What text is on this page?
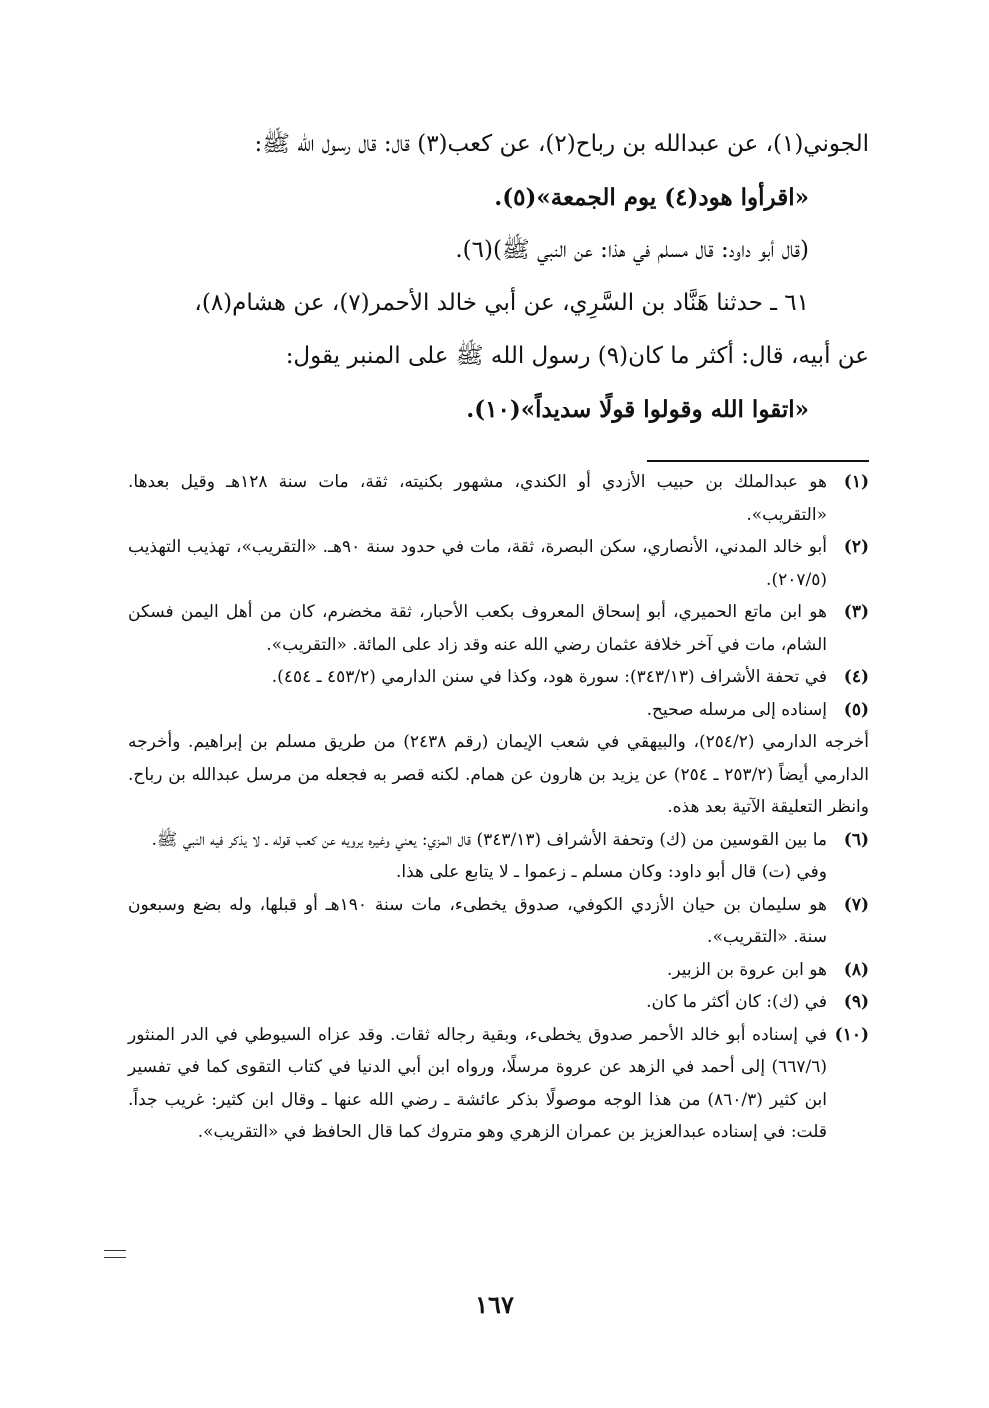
الجوني(١)، عن عبدالله بن رباح(٢)، عن كعب(٣) قال: قال رسول الله ﷺ:

«اقرأوا هود(٤) يوم الجمعة»(٥).

(قال أبو داود: قال مسلم في هذا: عن النبي ﷺ)(٦).

٦١ ـ حدثنا هَنَّاد بن السَّرِي، عن أبي خالد الأحمر(٧)، عن هشام(٨)،

عن أبيه، قال: أكثر ما كان(٩) رسول الله ﷺ على المنبر يقول:

«اتقوا الله وقولوا قولًا سديداً»(١٠).

(١)
هو عبدالملك بن حبيب الأزدي أو الكندي، مشهور بكنيته، ثقة، مات سنة ١٢٨هـ وقيل بعدها. «التقريب».
(٢)
أبو خالد المدني، الأنصاري، سكن البصرة، ثقة، مات في حدود سنة ٩٠هـ. «التقريب»، تهذيب التهذيب (٢٠٧/٥).
(٣)
هو ابن ماتع الحميري، أبو إسحاق المعروف بكعب الأحبار، ثقة مخضرم، كان من أهل اليمن فسكن الشام، مات في آخر خلافة عثمان رضي الله عنه وقد زاد على المائة. «التقريب».
(٤)
في تحفة الأشراف (٣٤٣/١٣): سورة هود، وكذا في سنن الدارمي (٤٥٣/٢ ـ ٤٥٤).
(٥)
إسناده إلى مرسله صحيح.
أخرجه الدارمي (٢٥٤/٢)، والبيهقي في شعب الإيمان (رقم ٢٤٣٨) من طريق مسلم بن إبراهيم. وأخرجه الدارمي أيضاً (٢٥٣/٢ ـ ٢٥٤) عن يزيد بن هارون عن همام. لكنه قصر به فجعله من مرسل عبدالله بن رباح. وانظر التعليقة الآتية بعد هذه.
(٦)
ما بين القوسين من (ك) وتحفة الأشراف (٣٤٣/١٣) قال المزي: يعني وغيره يرويه عن كعب قوله ـ لا يذكر فيه النبي ﷺ.
وفي (ت) قال أبو داود: وكان مسلم ـ زعموا ـ لا يتابع على هذا.
(٧)
هو سليمان بن حيان الأزدي الكوفي، صدوق يخطىء، مات سنة ١٩٠هـ أو قبلها، وله بضع وسبعون سنة. «التقريب».
(٨)
هو ابن عروة بن الزبير.
(٩)
في (ك): كان أكثر ما كان.
(١٠)
في إسناده أبو خالد الأحمر صدوق يخطىء، وبقية رجاله ثقات. وقد عزاه السيوطي في الدر المنثور (٦٦٧/٦) إلى أحمد في الزهد عن عروة مرسلًا، ورواه ابن أبي الدنيا في كتاب التقوى كما في تفسير ابن كثير (٨٦٠/٣) من هذا الوجه موصولًا بذكر عائشة ـ رضي الله عنها ـ وقال ابن كثير: غريب جداً. قلت: في إسناده عبدالعزيز بن عمران الزهري وهو متروك كما قال الحافظ في «التقريب».
١٦٧
